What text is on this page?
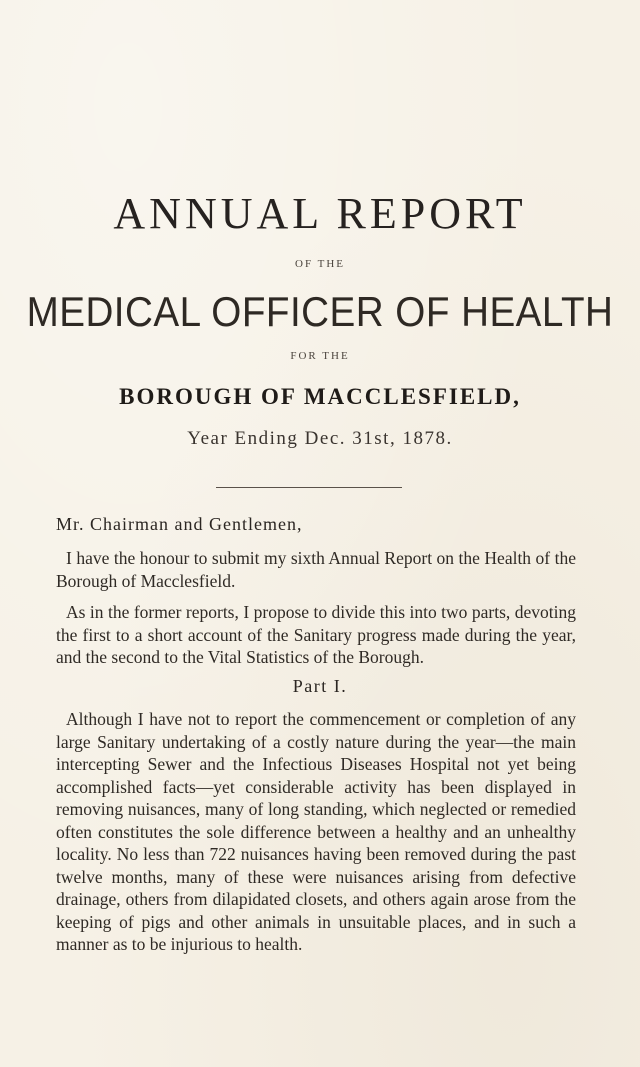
ANNUAL REPORT
OF THE
MEDICAL OFFICER OF HEALTH
FOR THE
BOROUGH OF MACCLESFIELD,
Year Ending Dec. 31st, 1878.
Mr. Chairman and Gentlemen,
I have the honour to submit my sixth Annual Report on the Health of the Borough of Macclesfield.
As in the former reports, I propose to divide this into two parts, devoting the first to a short account of the Sanitary progress made during the year, and the second to the Vital Statistics of the Borough.
Part I.
Although I have not to report the commencement or completion of any large Sanitary undertaking of a costly nature during the year—the main intercepting Sewer and the Infectious Diseases Hospital not yet being accomplished facts—yet considerable activity has been displayed in removing nuisances, many of long standing, which neglected or remedied often constitutes the sole difference between a healthy and an unhealthy locality. No less than 722 nuisances having been removed during the past twelve months, many of these were nuisances arising from defective drainage, others from dilapidated closets, and others again arose from the keeping of pigs and other animals in unsuitable places, and in such a manner as to be injurious to health.
